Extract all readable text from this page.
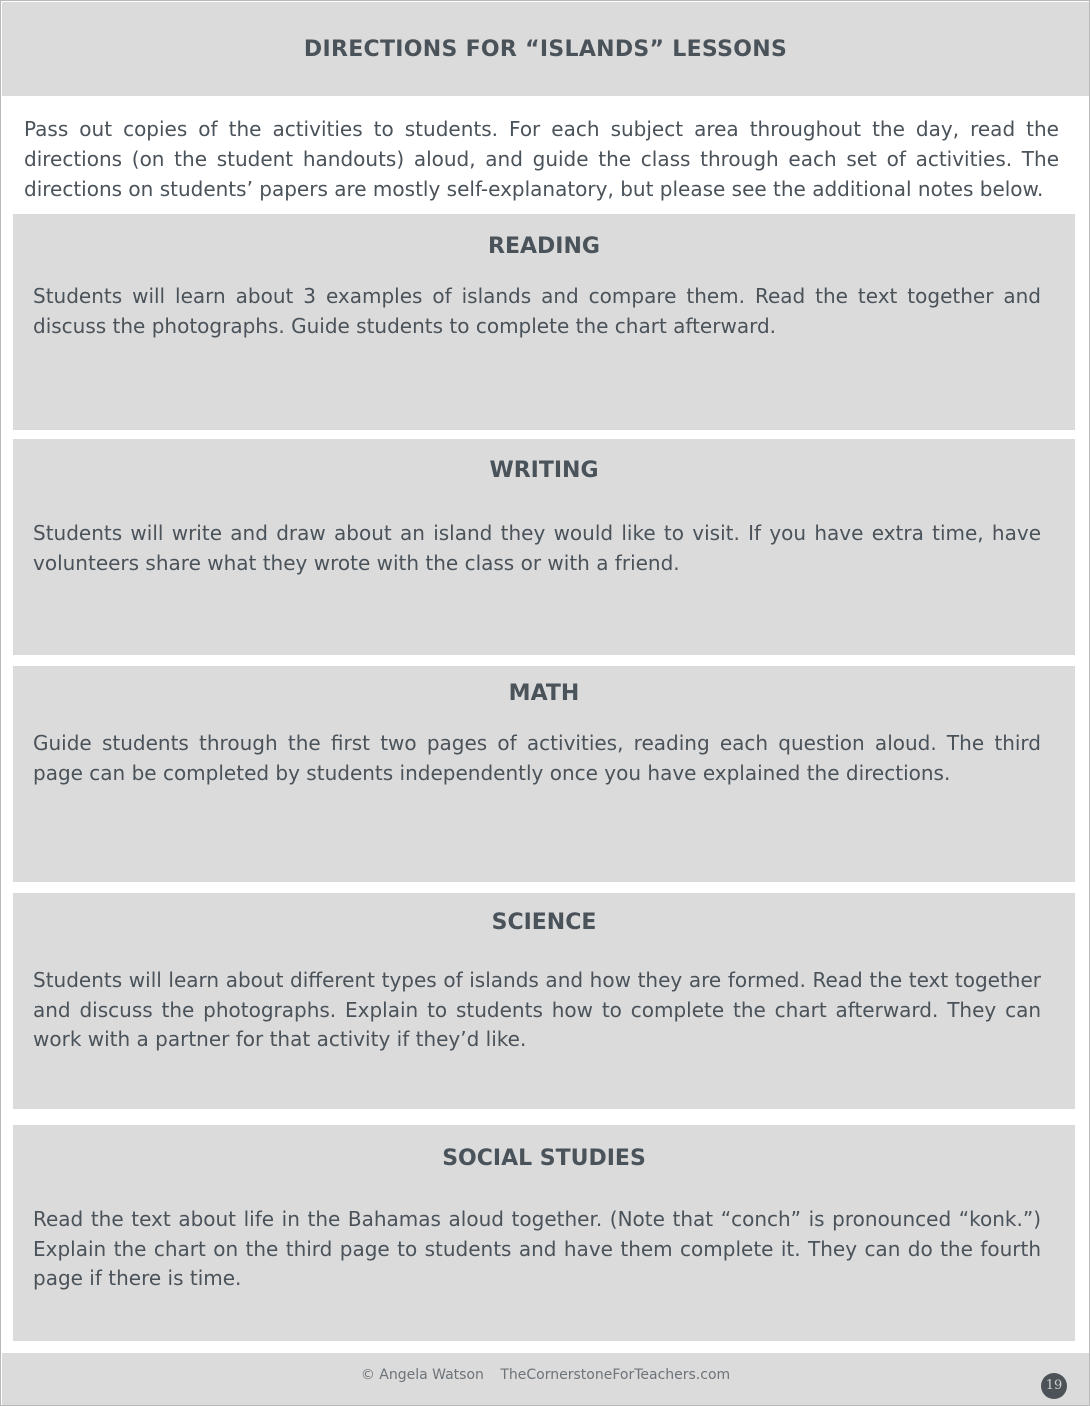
DIRECTIONS FOR “ISLANDS” LESSONS

Pass out copies of the activities to students. For each subject area throughout the day, read the directions (on the student handouts) aloud, and guide the class through each set of activities. The directions on students’ papers are mostly self-explanatory, but please see the additional notes below.

READING

Students will learn about 3 examples of islands and compare them. Read the text together and discuss the photographs. Guide students to complete the chart afterward.

WRITING

Students will write and draw about an island they would like to visit. If you have extra time, have volunteers share what they wrote with the class or with a friend.

MATH

Guide students through the first two pages of activities, reading each question aloud. The third page can be completed by students independently once you have explained the directions.

SCIENCE

Students will learn about different types of islands and how they are formed. Read the text together and discuss the photographs. Explain to students how to complete the chart afterward. They can work with a partner for that activity if they’d like.

SOCIAL STUDIES

Read the text about life in the Bahamas aloud together. (Note that “conch” is pronounced “konk.”) Explain the chart on the third page to students and have them complete it. They can do the fourth page if there is time.

© Angela Watson TheCornerstoneForTeachers.com
19
